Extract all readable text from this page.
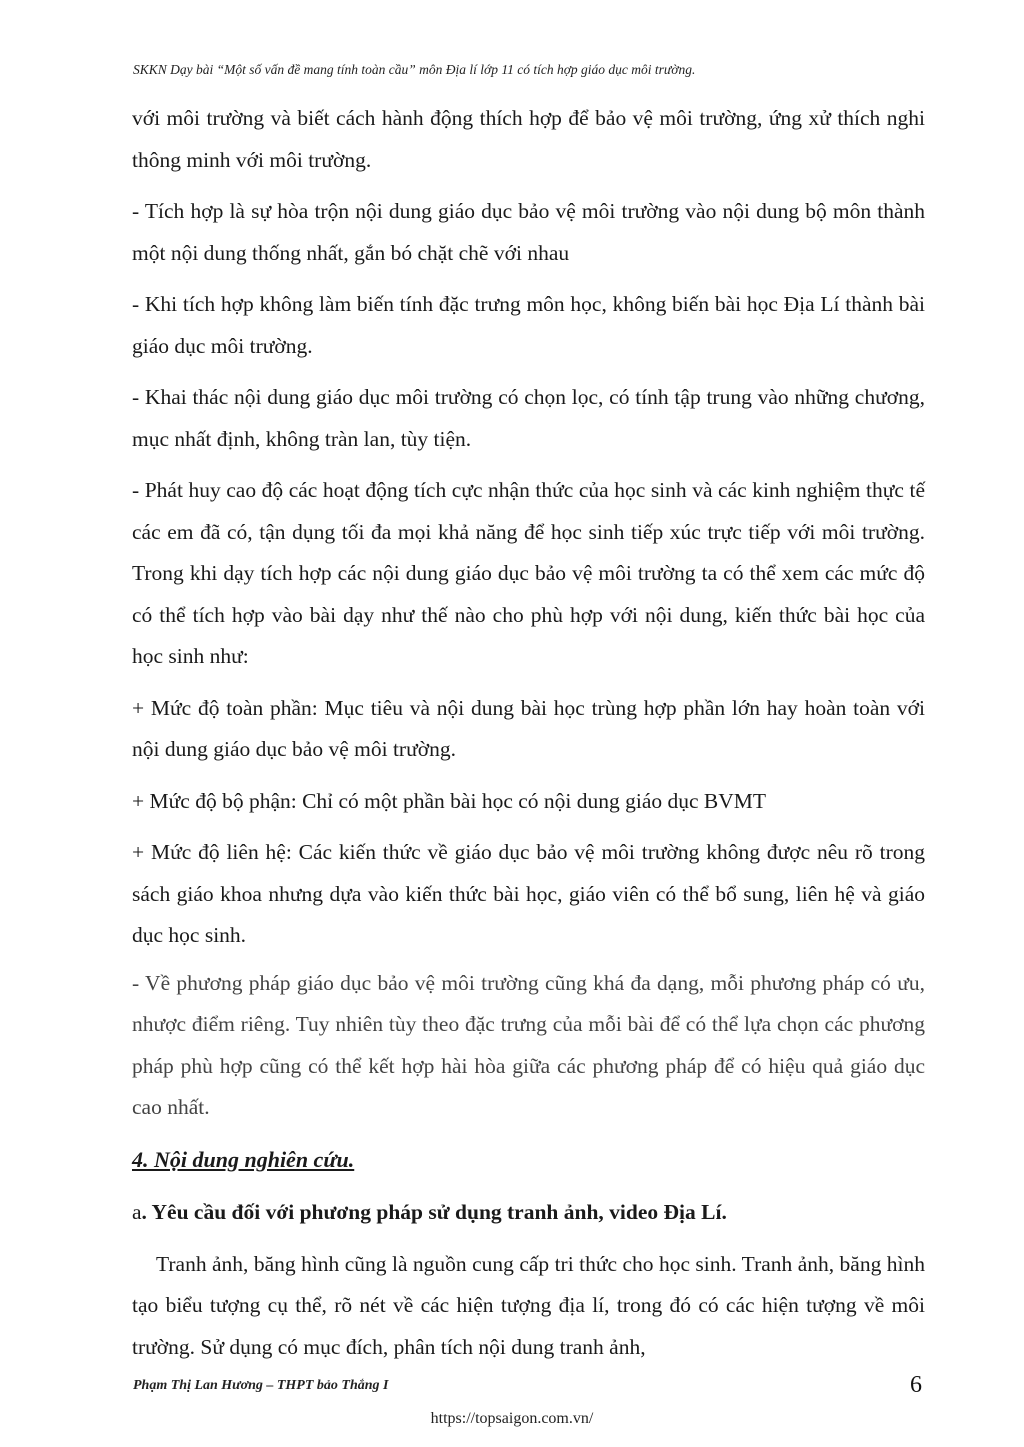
SKKN Dạy bài “Một số vấn đề mang tính toàn cầu” môn Địa lí lớp 11 có tích hợp giáo dục môi trường.

với môi trường và biết cách hành động thích hợp để bảo vệ môi trường, ứng xử thích nghi thông minh với môi trường.

- Tích hợp là sự hòa trộn nội dung giáo dục bảo vệ môi trường vào nội dung bộ môn thành một nội dung thống nhất, gắn bó chặt chẽ với nhau

- Khi tích hợp không làm biến tính đặc trưng môn học, không biến bài học Địa Lí thành bài giáo dục môi trường.

- Khai thác nội dung giáo dục môi trường có chọn lọc, có tính tập trung vào những chương, mục nhất định, không tràn lan, tùy tiện.

- Phát huy cao độ các hoạt động tích cực nhận thức của học sinh và các kinh nghiệm thực tế các em đã có, tận dụng tối đa mọi khả năng để học sinh tiếp xúc trực tiếp với môi trường. Trong khi dạy tích hợp các nội dung giáo dục bảo vệ môi trường ta có thể xem các mức độ có thể tích hợp vào bài dạy như thế nào cho phù hợp với nội dung, kiến thức bài học của học sinh như:

+ Mức độ toàn phần: Mục tiêu và nội dung bài học trùng hợp phần lớn hay hoàn toàn với nội dung giáo dục bảo vệ môi trường.

+ Mức độ bộ phận: Chỉ có một phần bài học có nội dung giáo dục BVMT

+ Mức độ liên hệ: Các kiến thức về giáo dục bảo vệ môi trường không được nêu rõ trong sách giáo khoa nhưng dựa vào kiến thức bài học, giáo viên có thể bổ sung, liên hệ và giáo dục học sinh.

- Về phương pháp giáo dục bảo vệ môi trường cũng khá đa dạng, mỗi phương pháp có ưu, nhược điểm riêng. Tuy nhiên tùy theo đặc trưng của mỗi bài để có thể lựa chọn các phương pháp phù hợp cũng có thể kết hợp hài hòa giữa các phương pháp để có hiệu quả giáo dục cao nhất.

4. Nội dung nghiên cứu.
a. Yêu cầu đối với phương pháp sử dụng tranh ảnh, video Địa Lí.

Tranh ảnh, băng hình cũng là nguồn cung cấp tri thức cho học sinh. Tranh ảnh, băng hình tạo biểu tượng cụ thể, rõ nét về các hiện tượng địa lí, trong đó có các hiện tượng về môi trường. Sử dụng có mục đích, phân tích nội dung tranh ảnh,

Phạm Thị Lan Hương – THPT bảo Thắng I	6
https://topsaigon.com.vn/
